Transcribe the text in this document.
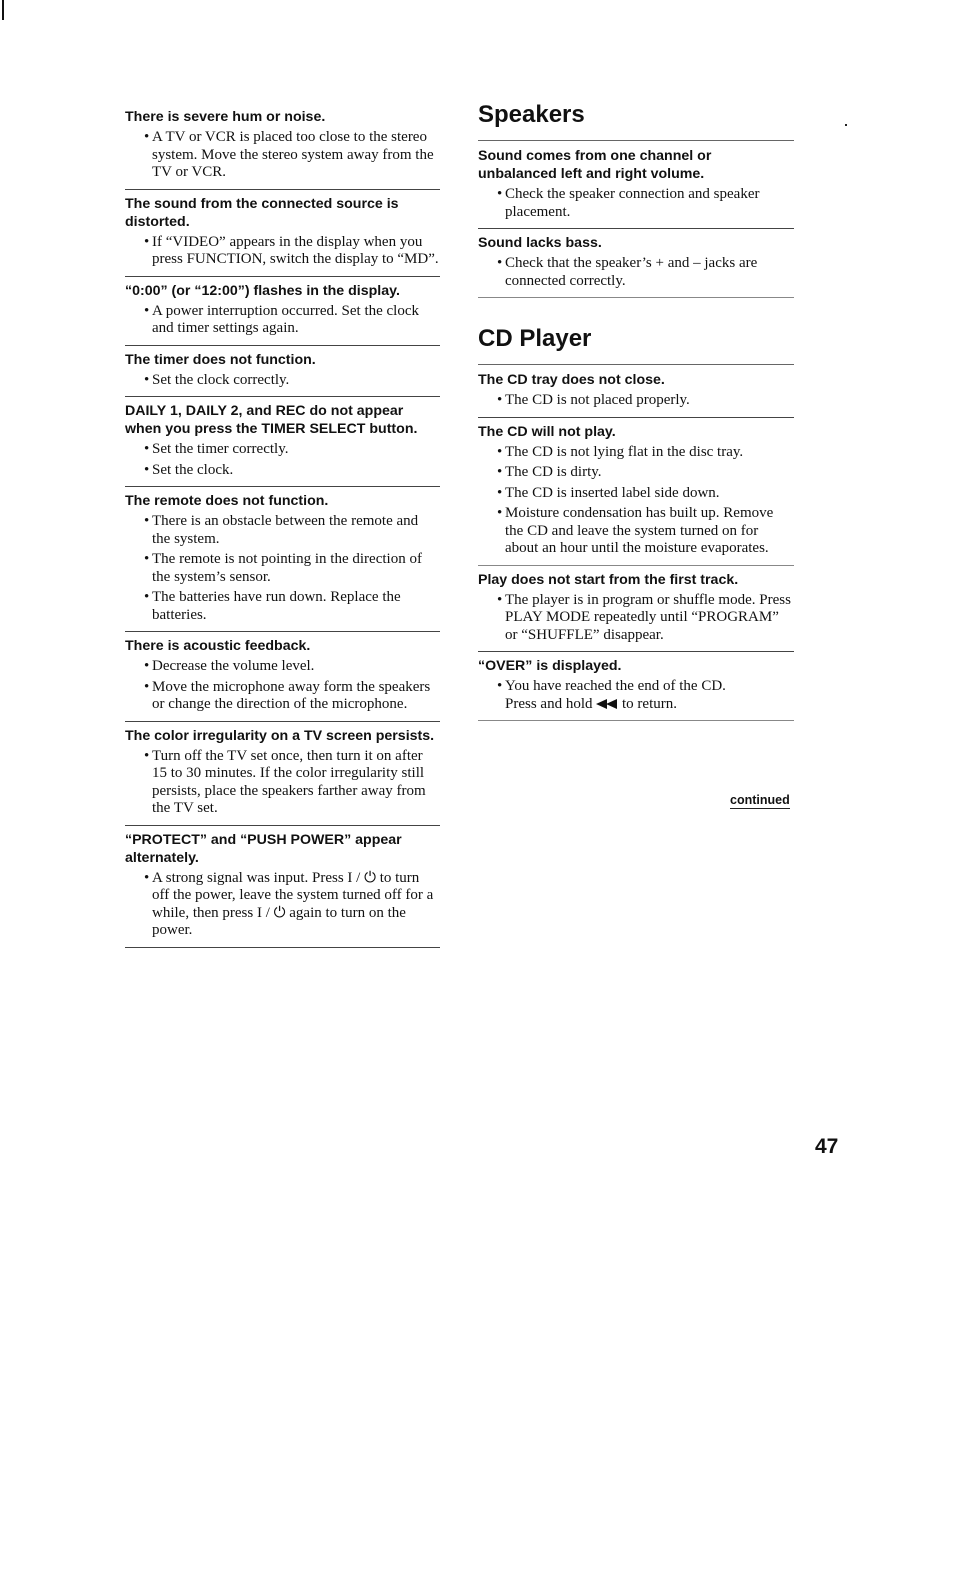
There is severe hum or noise.
• A TV or VCR is placed too close to the stereo system. Move the stereo system away from the TV or VCR.
The sound from the connected source is distorted.
• If “VIDEO” appears in the display when you press FUNCTION, switch the display to “MD”.
“0:00” (or “12:00”) flashes in the display.
• A power interruption occurred. Set the clock and timer settings again.
The timer does not function.
• Set the clock correctly.
DAILY 1, DAILY 2, and REC do not appear when you press the TIMER SELECT button.
• Set the timer correctly.
• Set the clock.
The remote does not function.
• There is an obstacle between the remote and the system.
• The remote is not pointing in the direction of the system’s sensor.
• The batteries have run down. Replace the batteries.
There is acoustic feedback.
• Decrease the volume level.
• Move the microphone away form the speakers or change the direction of the microphone.
The color irregularity on a TV screen persists.
• Turn off the TV set once, then turn it on after 15 to 30 minutes. If the color irregularity still persists, place the speakers farther away from the TV set.
“PROTECT” and “PUSH POWER” appear alternately.
• A strong signal was input. Press I / ⏻ to turn off the power, leave the system turned off for a while, then press I / ⏻ again to turn on the power.
Speakers
Sound comes from one channel or unbalanced left and right volume.
• Check the speaker connection and speaker placement.
Sound lacks bass.
• Check that the speaker’s + and – jacks are connected correctly.
CD Player
The CD tray does not close.
• The CD is not placed properly.
The CD will not play.
• The CD is not lying flat in the disc tray.
• The CD is dirty.
• The CD is inserted label side down.
• Moisture condensation has built up. Remove the CD and leave the system turned on for about an hour until the moisture evaporates.
Play does not start from the first track.
• The player is in program or shuffle mode. Press PLAY MODE repeatedly until “PROGRAM” or “SHUFFLE” disappear.
“OVER” is displayed.
• You have reached the end of the CD.
Press and hold to return.
continued
47
